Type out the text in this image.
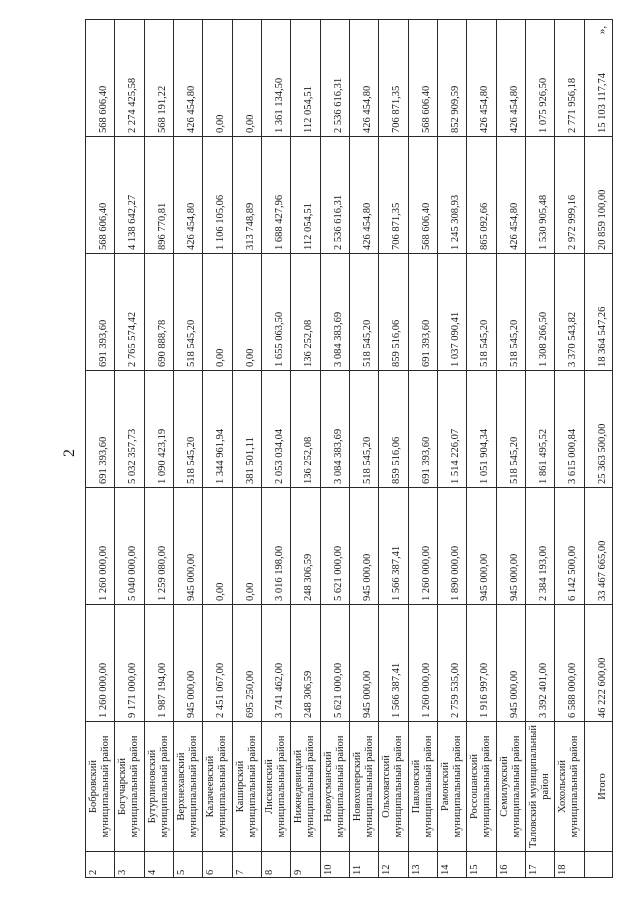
2
»,
2	Бобровский муниципальный район	1 260 000,00	1 260 000,00	691 393,60	691 393,60	568 606,40	568 606,40
3	Богучарский муниципальный район	9 171 000,00	5 040 000,00	5 032 357,73	2 765 574,42	4 138 642,27	2 274 425,58
4	Бутурлиновский муниципальный район	1 987 194,00	1 259 080,00	1 090 423,19	690 888,78	896 770,81	568 191,22
5	Верхнехавский муниципальный район	945 000,00	945 000,00	518 545,20	518 545,20	426 454,80	426 454,80
6	Калачеевский муниципальный район	2 451 067,00	0,00	1 344 961,94	0,00	1 106 105,06	0,00
7	Каширский муниципальный район	695 250,00	0,00	381 501,11	0,00	313 748,89	0,00
8	Лискинский муниципальный район	3 741 462,00	3 016 198,00	2 053 034,04	1 655 063,50	1 688 427,96	1 361 134,50
9	Нижнедевицкий муниципальный район	248 306,59	248 306,59	136 252,08	136 252,08	112 054,51	112 054,51
10	Новоусманский муниципальный район	5 621 000,00	5 621 000,00	3 084 383,69	3 084 383,69	2 536 616,31	2 536 616,31
11	Новохоперский муниципальный район	945 000,00	945 000,00	518 545,20	518 545,20	426 454,80	426 454,80
12	Ольховатский муниципальный район	1 566 387,41	1 566 387,41	859 516,06	859 516,06	706 871,35	706 871,35
13	Павловский муниципальный район	1 260 000,00	1 260 000,00	691 393,60	691 393,60	568 606,40	568 606,40
14	Рамонский муниципальный район	2 759 535,00	1 890 000,00	1 514 226,07	1 037 090,41	1 245 308,93	852 909,59
15	Россошанский муниципальный район	1 916 997,00	945 000,00	1 051 904,34	518 545,20	865 092,66	426 454,80
16	Семилукский муниципальный район	945 000,00	945 000,00	518 545,20	518 545,20	426 454,80	426 454,80
17	Таловский муниципальный район	3 392 401,00	2 384 193,00	1 861 495,52	1 308 266,50	1 530 905,48	1 075 926,50
18	Хохольский муниципальный район	6 588 000,00	6 142 500,00	3 615 000,84	3 370 543,82	2 972 999,16	2 771 956,18
	Итого	46 222 600,00	33 467 665,00	25 363 500,00	18 364 547,26	20 859 100,00	15 103 117,74
